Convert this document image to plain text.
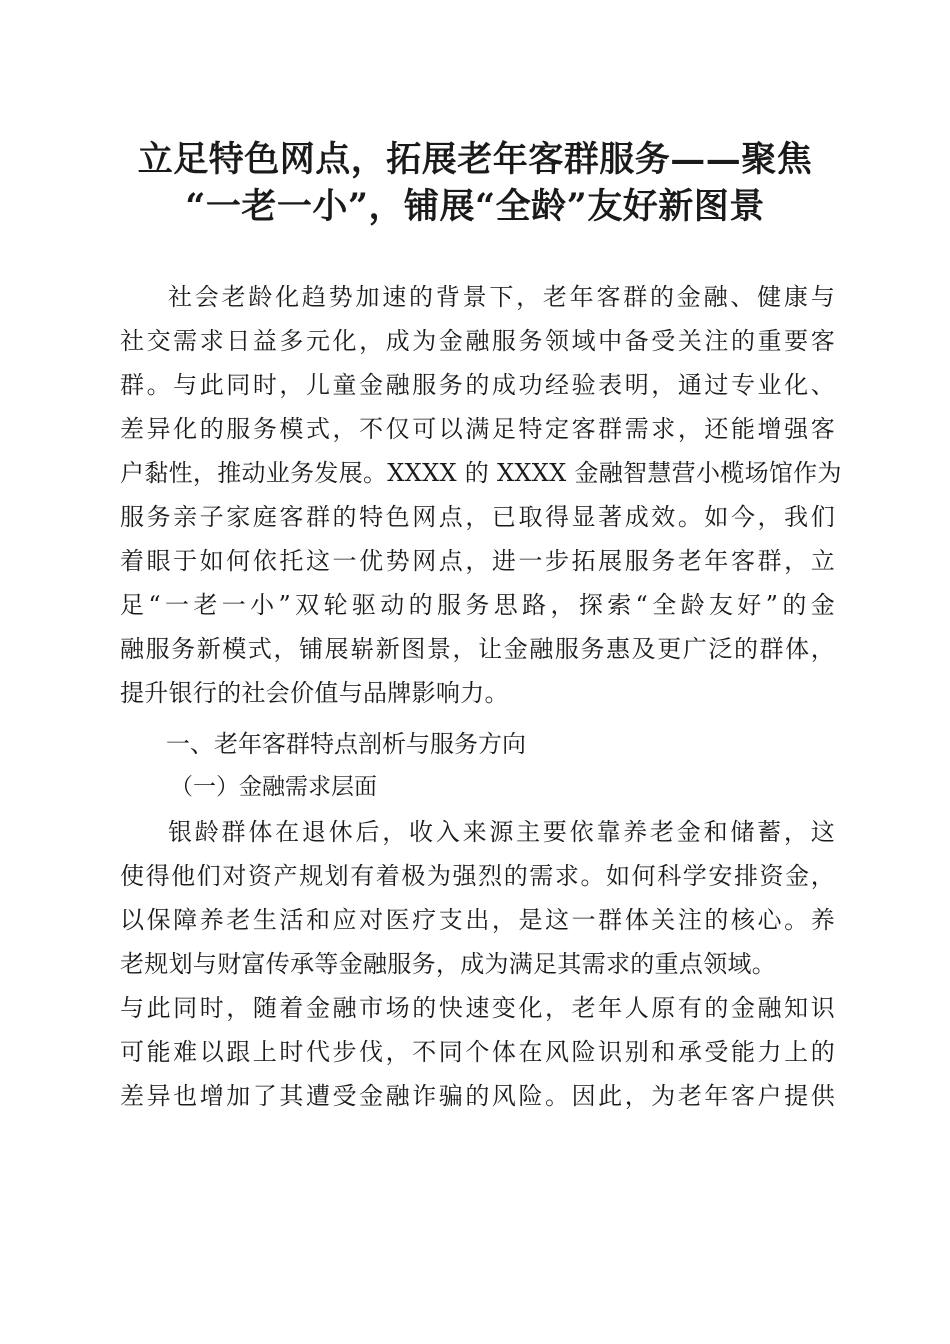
立足特色网点，拓展老年客群服务——聚焦
“一老一小”，铺展“全龄”友好新图景
社会老龄化趋势加速的背景下，老年客群的金融、健康与
社交需求日益多元化，成为金融服务领域中备受关注的重要客
群。与此同时，儿童金融服务的成功经验表明，通过专业化、
差异化的服务模式，不仅可以满足特定客群需求，还能增强客
户黏性，推动业务发展。XXXX 的 XXXX 金融智慧营小榄场馆作为
服务亲子家庭客群的特色网点，已取得显著成效。如今，我们
着眼于如何依托这一优势网点，进一步拓展服务老年客群，立
足“一老一小”双轮驱动的服务思路，探索“全龄友好”的金
融服务新模式，铺展崭新图景，让金融服务惠及更广泛的群体，
提升银行的社会价值与品牌影响力。
一、老年客群特点剖析与服务方向
（一）金融需求层面
银龄群体在退休后，收入来源主要依靠养老金和储蓄，这
使得他们对资产规划有着极为强烈的需求。如何科学安排资金，
以保障养老生活和应对医疗支出，是这一群体关注的核心。养
老规划与财富传承等金融服务，成为满足其需求的重点领域。
与此同时，随着金融市场的快速变化，老年人原有的金融知识
可能难以跟上时代步伐，不同个体在风险识别和承受能力上的
差异也增加了其遭受金融诈骗的风险。因此，为老年客户提供
